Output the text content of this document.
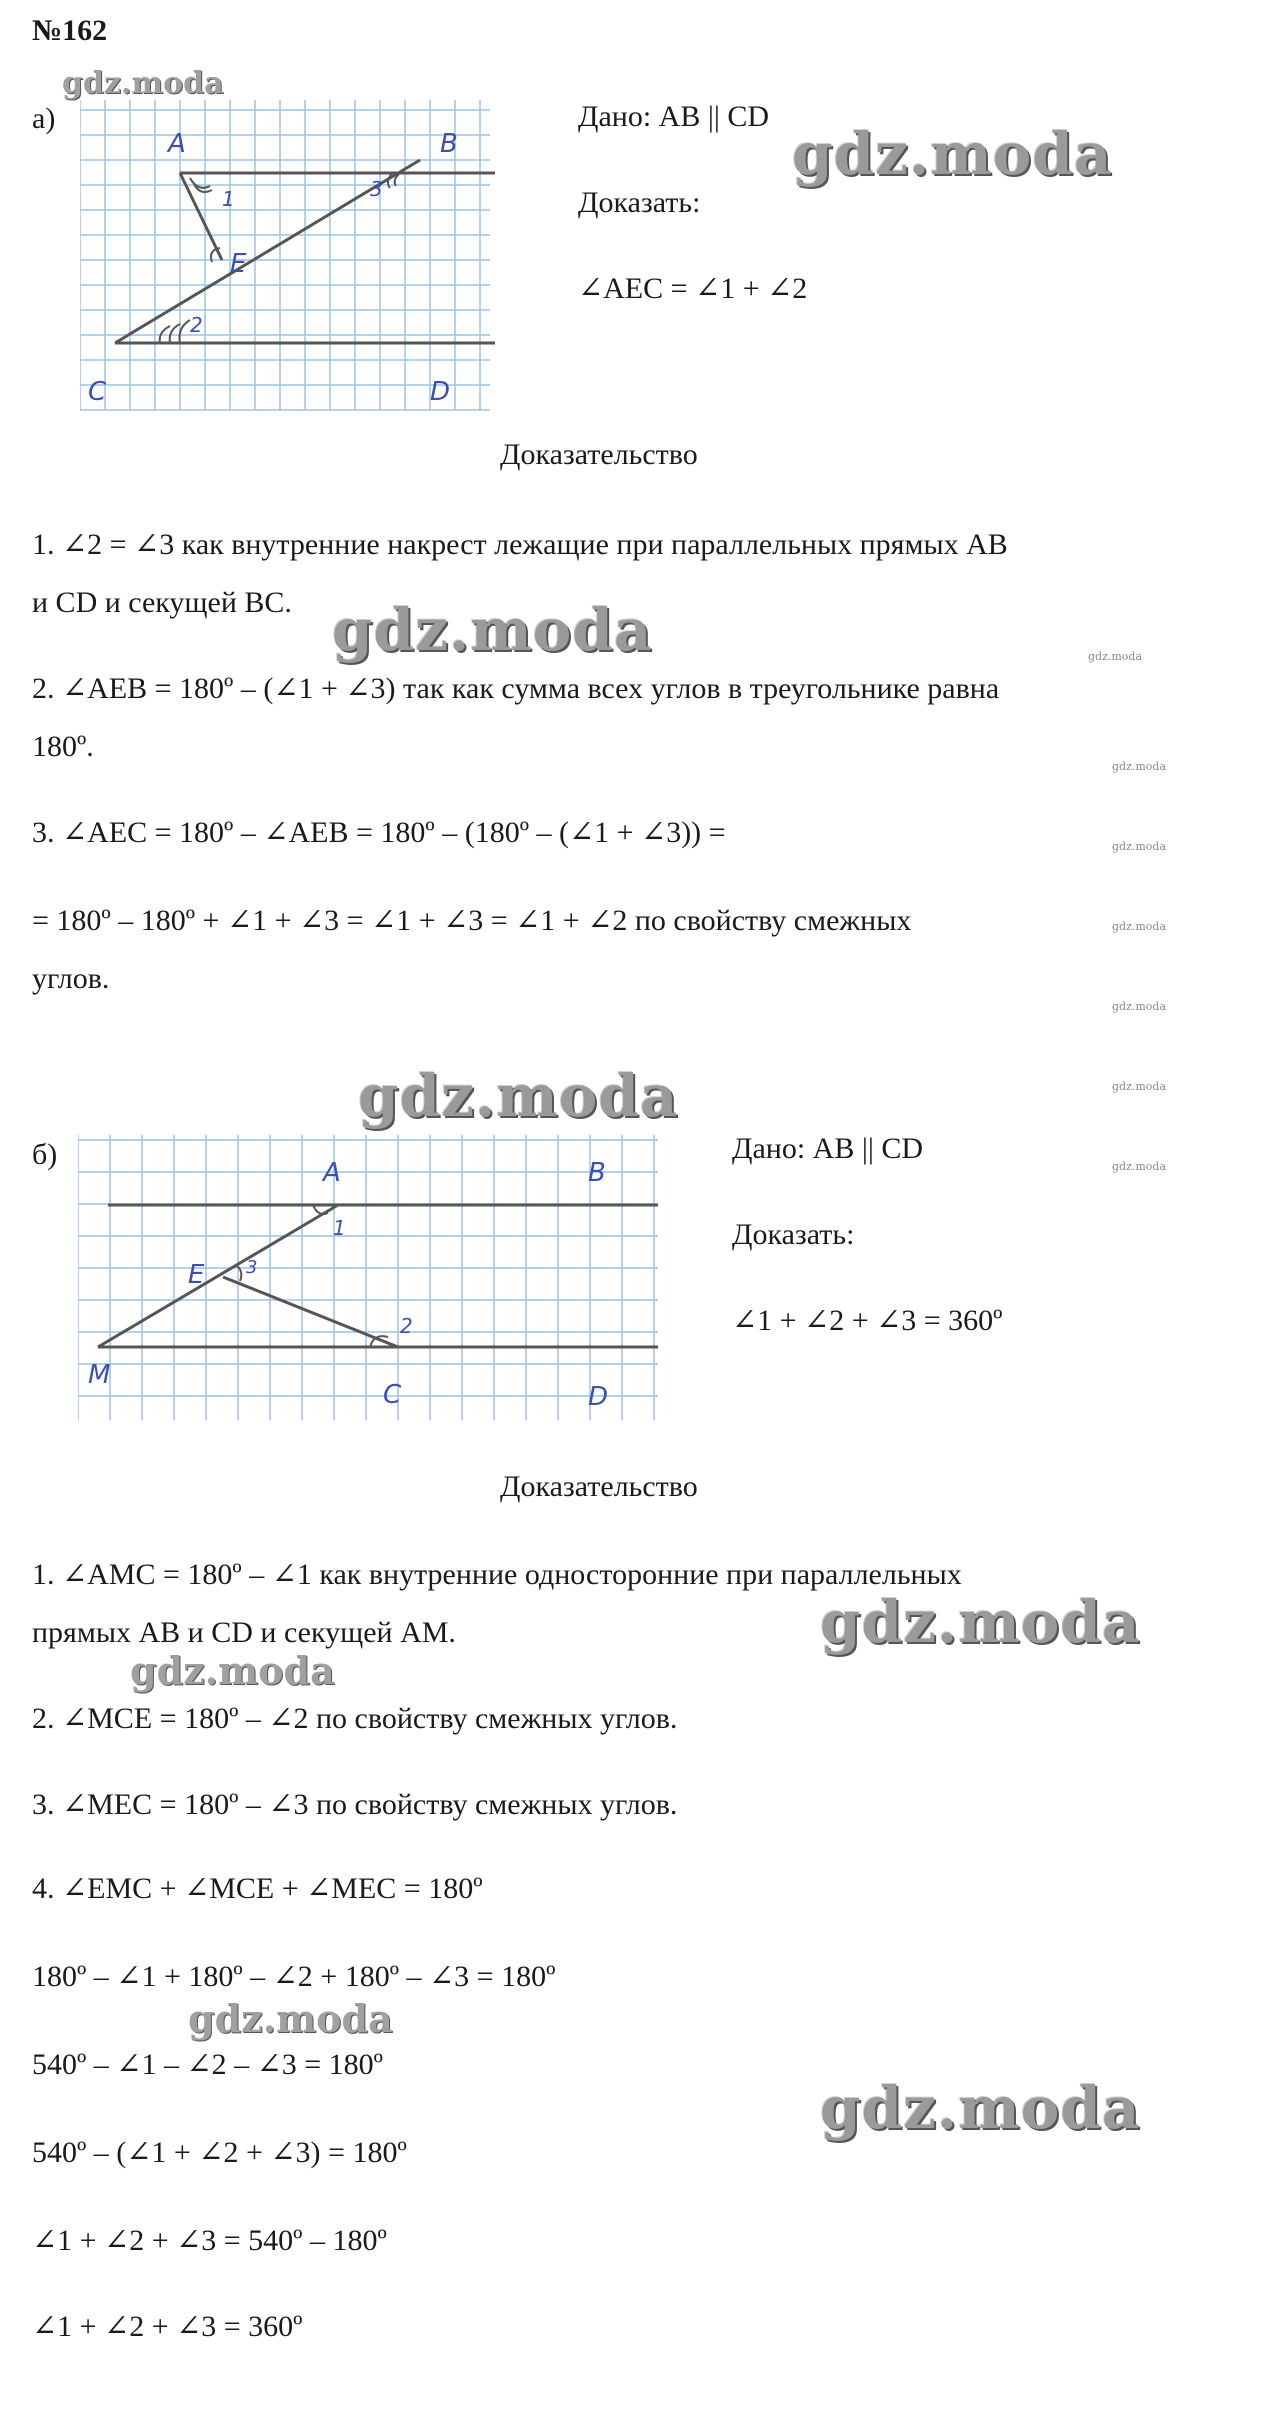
№162
а)
A	B
C	D
E
1	3
2
Дано: AB || CD
Доказать:
∠AEC = ∠1 + ∠2
Доказательство
1. ∠2 = ∠3 как внутренние накрест лежащие при параллельных прямых AB
и CD и секущей BC.
2. ∠AEB = 180º – (∠1 + ∠3) так как сумма всех углов в треугольнике равна
180º.
3. ∠AEC = 180º – ∠AEB = 180º – (180º – (∠1 + ∠3)) =
= 180º – 180º + ∠1 + ∠3 = ∠1 + ∠3 = ∠1 + ∠2 по свойству смежных
углов.
б)
A	B
E
M
C	D
1
2
3
Дано: AB || CD
Доказать:
∠1 + ∠2 + ∠3 = 360º
Доказательство
1. ∠AMC = 180º – ∠1 как внутренние односторонние при параллельных
прямых AB и CD и секущей AM.
2. ∠MCE = 180º – ∠2 по свойству смежных углов.
3. ∠MEC = 180º – ∠3 по свойству смежных углов.
4. ∠EMC + ∠MCE + ∠MEC = 180º
180º – ∠1 + 180º – ∠2 + 180º – ∠3 = 180º
540º – ∠1 – ∠2 – ∠3 = 180º
540º – (∠1 + ∠2 + ∠3) = 180º
∠1 + ∠2 + ∠3 = 540º – 180º
∠1 + ∠2 + ∠3 = 360º
gdz.moda
gdz.moda
gdz.moda
gdz.moda
gdz.moda
gdz.moda
gdz.moda
gdz.moda
gdz.moda
gdz.moda
gdz.moda
gdz.moda
gdz.moda
gdz.moda
gdz.moda
